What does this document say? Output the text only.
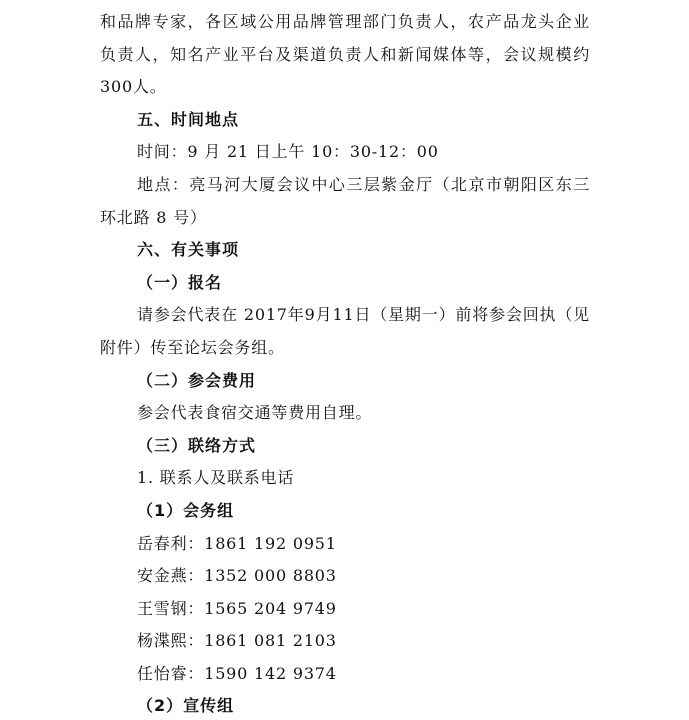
和品牌专家，各区域公用品牌管理部门负责人，农产品龙头企业
负责人，知名产业平台及渠道负责人和新闻媒体等，会议规模约
300人。
五、时间地点
时间：9 月 21 日上午 10：30-12：00
地点：亮马河大厦会议中心三层紫金厅（北京市朝阳区东三
环北路 8 号）
六、有关事项
（一）报名
请参会代表在 2017年9月11日（星期一）前将参会回执（见
附件）传至论坛会务组。
（二）参会费用
参会代表食宿交通等费用自理。
（三）联络方式
1. 联系人及联系电话
（1）会务组
岳春利：1861 192 0951
安金燕：1352 000 8803
王雪钢：1565 204 9749
杨渫熙：1861 081 2103
任怡睿：1590 142 9374
（2）宣传组
